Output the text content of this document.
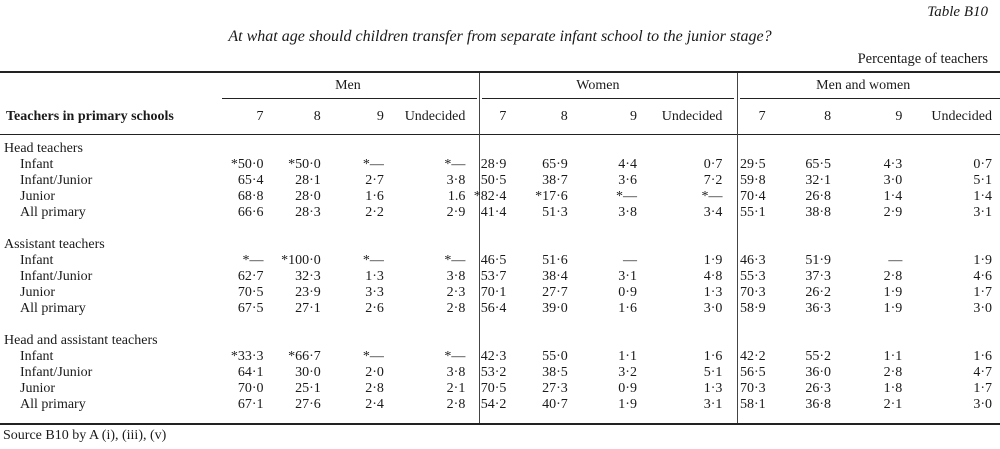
Table B10
At what age should children transfer from separate infant school to the junior stage?
Percentage of teachers
	Men				Women				Men and women			
Teachers in primary schools	7	8	9	Undecided	7	8	9	Undecided	7	8	9	Undecided

Head teachers												
Infant	*50·0	*50·0	*—	*—	28·9	65·9	4·4	0·7	29·5	65·5	4·3	0·7
Infant/Junior	65·4	28·1	2·7	3·8	50·5	38·7	3·6	7·2	59·8	32·1	3·0	5·1
Junior	68·8	28·0	1·6	1.6	*82·4	*17·6	*—	*—	70·4	26·8	1·4	1·4
All primary	66·6	28·3	2·2	2·9	41·4	51·3	3·8	3·4	55·1	38·8	2·9	3·1

Assistant teachers												
Infant	*—	*100·0	*—	*—	46·5	51·6	—	1·9	46·3	51·9	—	1·9
Infant/Junior	62·7	32·3	1·3	3·8	53·7	38·4	3·1	4·8	55·3	37·3	2·8	4·6
Junior	70·5	23·9	3·3	2·3	70·1	27·7	0·9	1·3	70·3	26·2	1·9	1·7
All primary	67·5	27·1	2·6	2·8	56·4	39·0	1·6	3·0	58·9	36·3	1·9	3·0

Head and assistant teachers												
Infant	*33·3	*66·7	*—	*—	42·3	55·0	1·1	1·6	42·2	55·2	1·1	1·6
Infant/Junior	64·1	30·0	2·0	3·8	53·2	38·5	3·2	5·1	56·5	36·0	2·8	4·7
Junior	70·0	25·1	2·8	2·1	70·5	27·3	0·9	1·3	70·3	26·3	1·8	1·7
All primary	67·1	27·6	2·4	2·8	54·2	40·7	1·9	3·1	58·1	36·8	2·1	3·0
Source B10 by A (i), (iii), (v)
